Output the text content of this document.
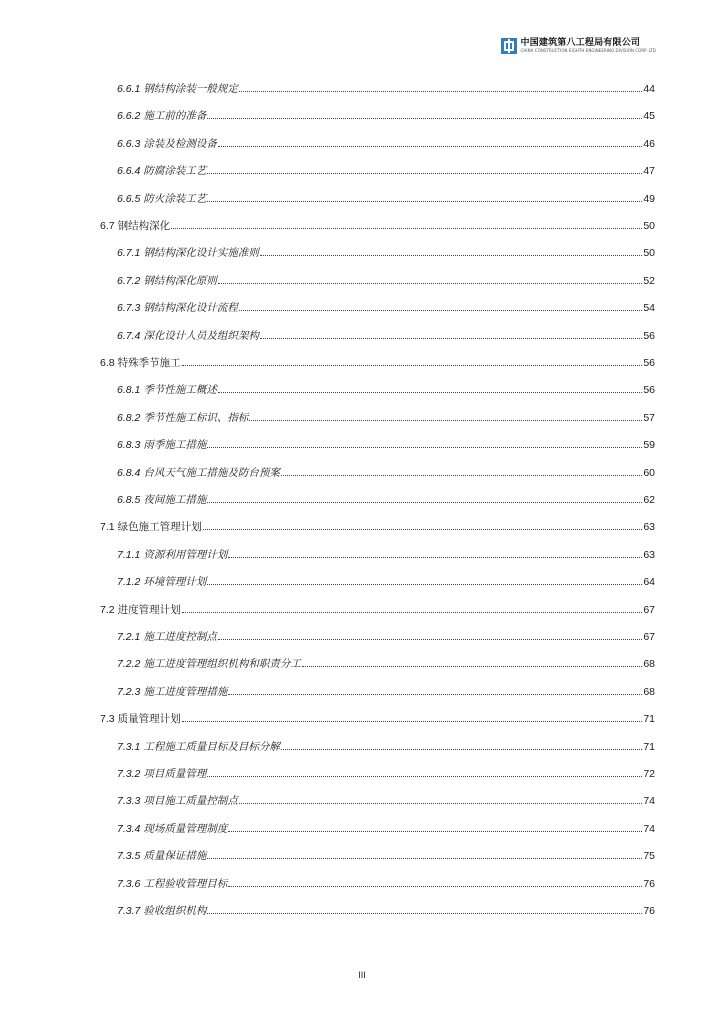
中国建筑第八工程局有限公司
CHINA CONSTRUCTION EIGHTH ENGINEERING DIVISION CORP. LTD
6.6.1 钢结构涂装一般规定	44
6.6.2 施工前的准备	45
6.6.3 涂装及检测设备	46
6.6.4 防腐涂装工艺	47
6.6.5 防火涂装工艺	49
6.7 钢结构深化	50
6.7.1 钢结构深化设计实施准则	50
6.7.2 钢结构深化原则	52
6.7.3 钢结构深化设计流程	54
6.7.4 深化设计人员及组织架构	56
6.8 特殊季节施工	56
6.8.1 季节性施工概述	56
6.8.2 季节性施工标识、指标	57
6.8.3 雨季施工措施	59
6.8.4 台风天气施工措施及防台预案	60
6.8.5 夜间施工措施	62
7.1 绿色施工管理计划	63
7.1.1 资源利用管理计划	63
7.1.2 环境管理计划	64
7.2 进度管理计划	67
7.2.1 施工进度控制点	67
7.2.2 施工进度管理组织机构和职责分工	68
7.2.3 施工进度管理措施	68
7.3 质量管理计划	71
7.3.1 工程施工质量目标及目标分解	71
7.3.2 项目质量管理	72
7.3.3 项目施工质量控制点	74
7.3.4 现场质量管理制度	74
7.3.5 质量保证措施	75
7.3.6 工程验收管理目标	76
7.3.7 验收组织机构	76
III
